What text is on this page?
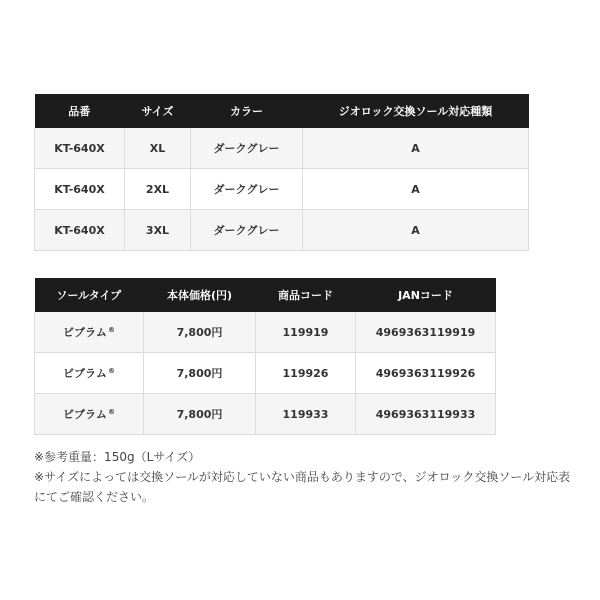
品番	サイズ	カラー	ジオロック交換ソール対応種類
KT-640X	XL	ダークグレー	A
KT-640X	2XL	ダークグレー	A
KT-640X	3XL	ダークグレー	A
ソールタイプ	本体価格(円)	商品コード	JANコード
ビブラム®	7,800円	119919	4969363119919
ビブラム®	7,800円	119926	4969363119926
ビブラム®	7,800円	119933	4969363119933

※参考重量：150g（Lサイズ）

※サイズによっては交換ソールが対応していない商品もありますので、ジオロック交換ソール対応表にてご確認ください。
